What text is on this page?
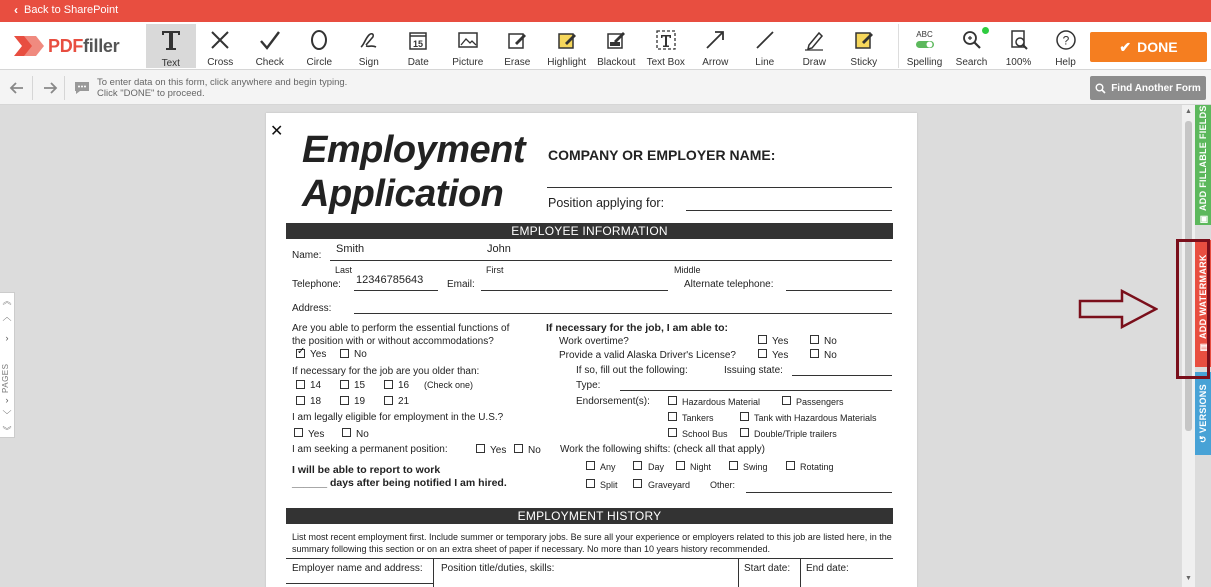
‹ Back to SharePoint
PDFfiller
Text	Cross Check Circle	Sign
15
Date Picture Erase Highlight Blackout Text Box Arrow	Line	Draw Sticky
ABC
Spelling Search 100%
?
Help
✔ DONE
To enter data on this form, click anywhere and begin typing.
Click "DONE" to proceed.	Find Another Form
︽
︿
›
PAGES
›
﹀
︾
✕ Employment
Application
COMPANY OR EMPLOYER NAME:
Position applying for:
EMPLOYEE INFORMATION
Name:
Smith	John
Last	First	Middle
Telephone: 12346785643 Email:	Alternate telephone:
Address:
Are you able to perform the essential functions of
the position with or without accommodations?
✓
Yes	No
If necessary for the job are you older than:
14	15	16 (Check one)
18	19	21
I am legally eligible for employment in the U.S.?
Yes	No
I am seeking a permanent position:	Yes No
I will be able to report to work
______ days after being notified I am hired.
If necessary for the job, I am able to:
Work overtime?	Yes	No
Provide a valid Alaska Driver's License?	Yes	No
If so, fill out the following:	Issuing state:
Type:
Endorsement(s):	Hazardous Material	Passengers
Tankers	Tank with Hazardous Materials
School Bus	Double/Triple trailers
Work the following shifts: (check all that apply)
Any	Day	Night	Swing	Rotating
Split	Graveyard Other:
EMPLOYMENT HISTORY
List most recent employment first. Include summer or temporary jobs. Be sure all your experience or employers related to this job are listed here, in the summary following this section or on an extra sheet of paper if necessary. No more than 10 years history recommended.
Employer name and address: Position title/duties, skills:	Start date: End date:
▲
▼
▣

ADD FILLABLE FIELDS
▤

ADD WATERMARK
↺

VERSIONS
